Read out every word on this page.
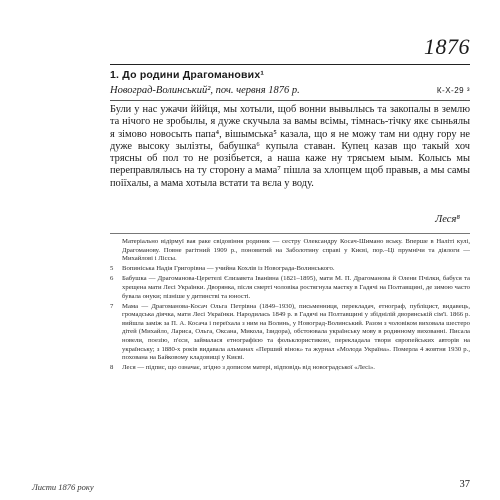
1876
1. До родини Драгоманових¹
Новоград-Волинський², поч. червня 1876 р.	К-Х-29 ³
Були у нас ужачи йййця, мы хотыли, щоб вонни вывылысь та закопалы в землю та нічого не зробылы, я дуже скучыла за вамы всімы, тімнась-тічку якє сыньялы я зімово новосыть папа⁴, вішымська⁵ казала, що я не можу там ни одну гору не дуже высоку зылізты, бабушка⁶ купыла ставан. Купец казав що такый хоч трясны об пол то не розібьется, а наша каже ну трясыем ыым. Колысь мы переправлялысь на ту сторону а мама⁷ пішла за хлопцем щоб правыв, а мы самы поіїхалы, а мама хотыла встати та вєла у воду.
Леся⁸
Матеріально відірмуї вая раке свідовіння родиник — сестру Олександру Косач-Шимано вську. Вперше в Наліті кулі, Драгоманову. Повне рагітний 1909 р., поновитий на Заболотину справі у Києві, пор.–Ці прумнічи та діялоги — Михайлові і Ліссы.
5	Вопиніська Надія Григорівна — учийна Кохлів із Новограда-Волинського.
6	Бабушка — Драгоманова-Церетелі Єлизавета Іванівна (1821–1895), мати М. П. Драгоманова й Олени Пчілки, бабуся та хрещена мати Лесі Українки. Дворянка, після смерті чоловіка ростягнула маєтку в Гадячі на Полтавщині, де зимою часто бувала онуки; пізніше у дитинстві та юності.
7	Мама — Драгоманова-Косач Ольга Петрівна (1849–1930), письменниця, перекладач, етнограф, публіцист, видавець, громадська діячка, мати Лесі Українки. Народилась 1849 р. в Гадячі на Полтавщині у збіднілій дворянській сім'ї. 1866 р. вийшла заміж за П. А. Косача і переїхала з ним на Волинь, у Новоград-Волинський. Разом з чоловіком виховала шестеро дітей (Михайло, Лариса, Ольга, Оксана, Микола, Ізидора), обстоювала українську мову в родинному вихованні. Писала новели, поезію, п'єси, займалася етнографією та фольклористикою, перекладала твори європейських авторів на українську; з 1880-х років видавала альманах «Перший вінок» та журнал «Молода Україна». Померла 4 жовтня 1930 р., похована на Байковому кладовищі у Києві.
8	Леся — підпис, що означає, згідно з дописом матері, відповідь від новоградської «Лесі».
Листи 1876 року	37
